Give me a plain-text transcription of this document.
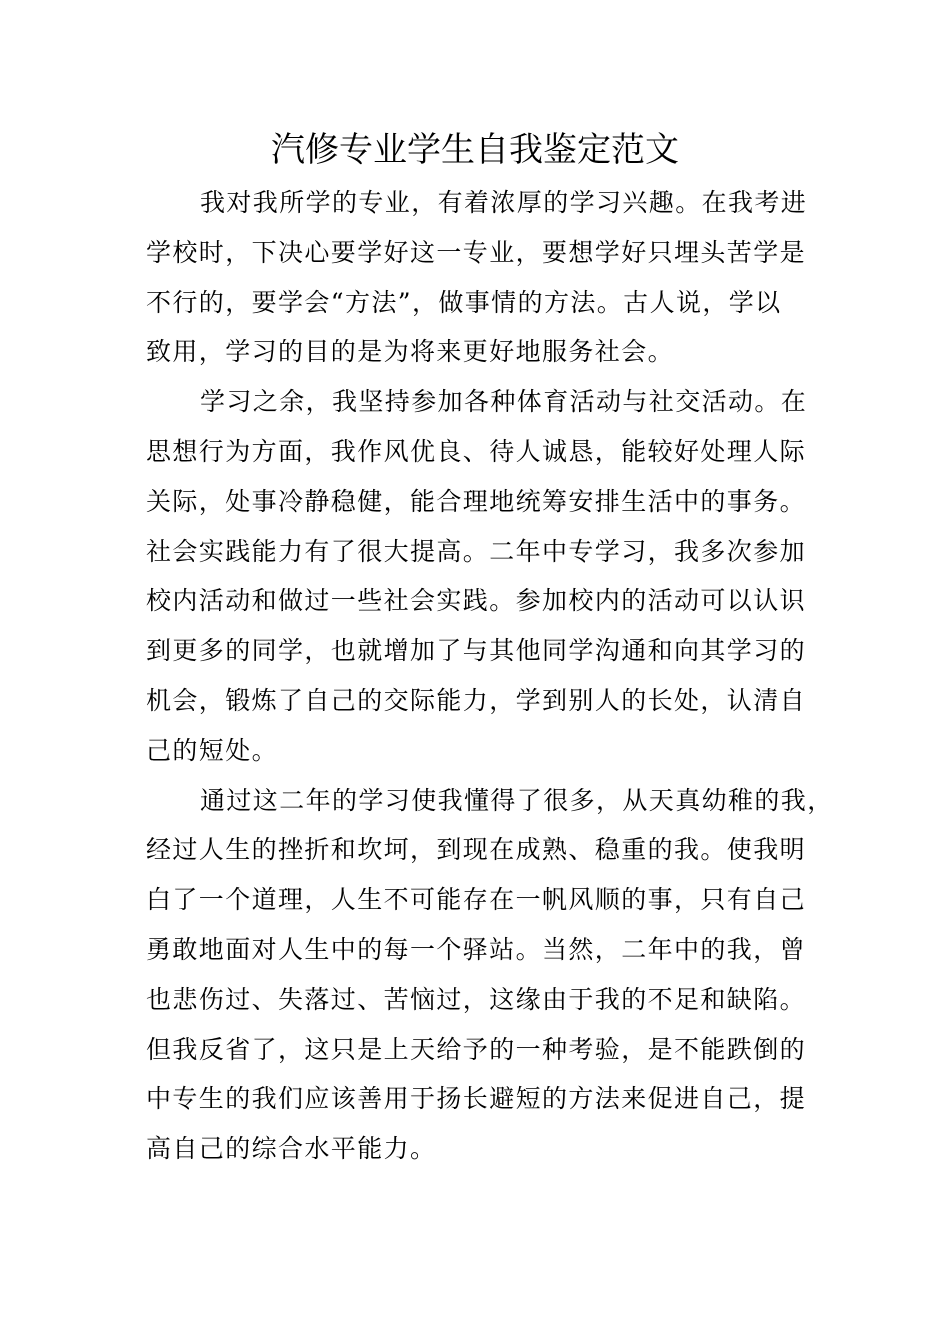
汽修专业学生自我鉴定范文
我对我所学的专业，有着浓厚的学习兴趣。在我考进
学校时，下决心要学好这一专业，要想学好只埋头苦学是
不行的，要学会“方法”，做事情的方法。古人说，学以
致用，学习的目的是为将来更好地服务社会。
学习之余，我坚持参加各种体育活动与社交活动。在
思想行为方面，我作风优良、待人诚恳，能较好处理人际
关际，处事冷静稳健，能合理地统筹安排生活中的事务。
社会实践能力有了很大提高。二年中专学习，我多次参加
校内活动和做过一些社会实践。参加校内的活动可以认识
到更多的同学，也就增加了与其他同学沟通和向其学习的
机会，锻炼了自己的交际能力，学到别人的长处，认清自
己的短处。
通过这二年的学习使我懂得了很多，从天真幼稚的我，
经过人生的挫折和坎坷，到现在成熟、稳重的我。使我明
白了一个道理，人生不可能存在一帆风顺的事，只有自己
勇敢地面对人生中的每一个驿站。当然，二年中的我，曾
也悲伤过、失落过、苦恼过，这缘由于我的不足和缺陷。
但我反省了，这只是上天给予的一种考验，是不能跌倒的
中专生的我们应该善用于扬长避短的方法来促进自己，提
高自己的综合水平能力。
